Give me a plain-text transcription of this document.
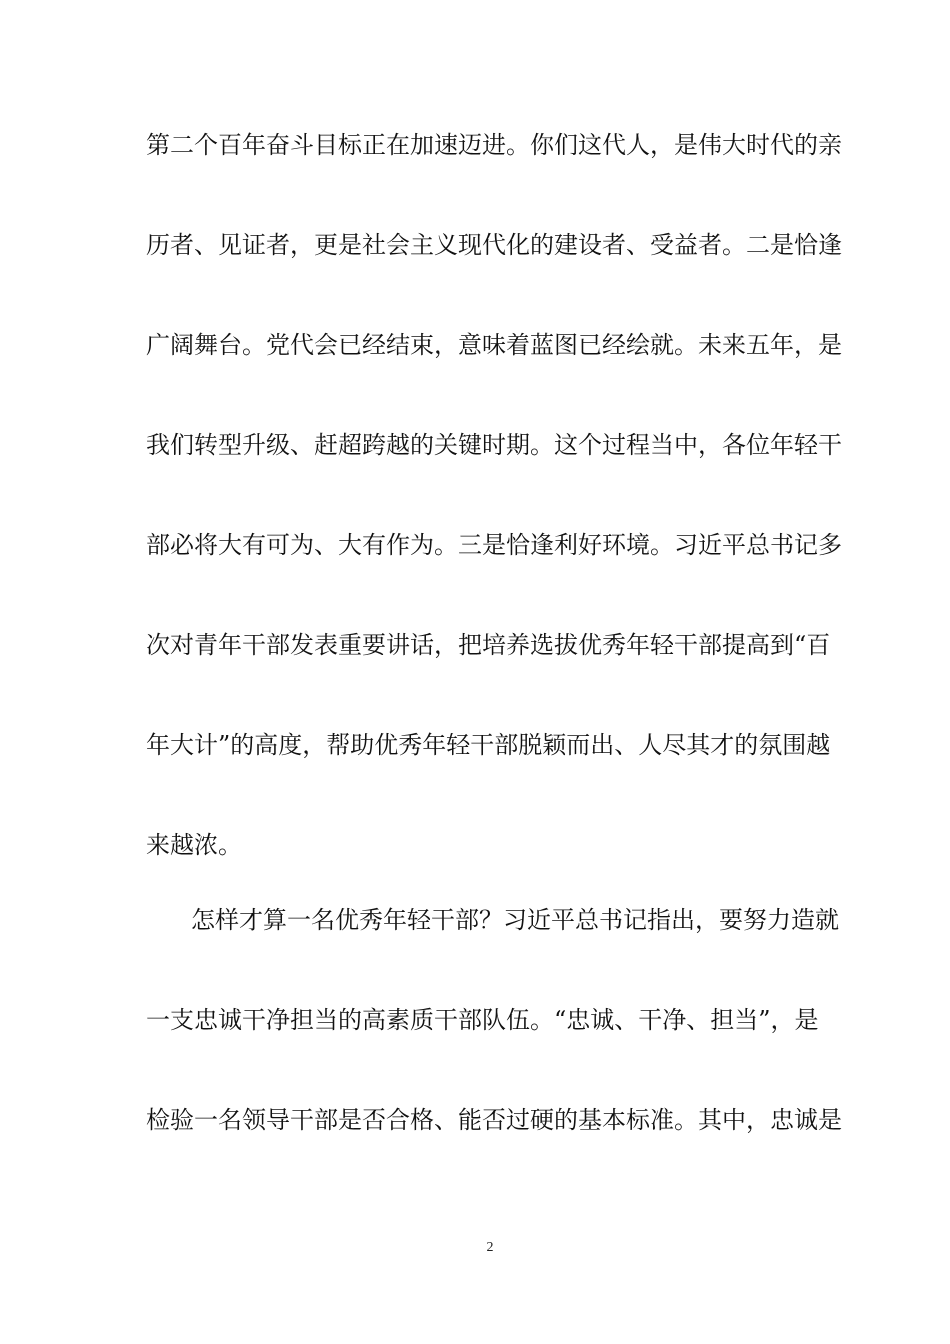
第二个百年奋斗目标正在加速迈进。你们这代人，是伟大时代的亲
历者、见证者，更是社会主义现代化的建设者、受益者。二是恰逢
广阔舞台。党代会已经结束，意味着蓝图已经绘就。未来五年，是
我们转型升级、赶超跨越的关键时期。这个过程当中，各位年轻干
部必将大有可为、大有作为。三是恰逢利好环境。习近平总书记多
次对青年干部发表重要讲话，把培养选拔优秀年轻干部提高到“百
年大计”的高度，帮助优秀年轻干部脱颖而出、人尽其才的氛围越
来越浓。
怎样才算一名优秀年轻干部？习近平总书记指出，要努力造就
一支忠诚干净担当的高素质干部队伍。“忠诚、干净、担当”，是
检验一名领导干部是否合格、能否过硬的基本标准。其中，忠诚是
2
